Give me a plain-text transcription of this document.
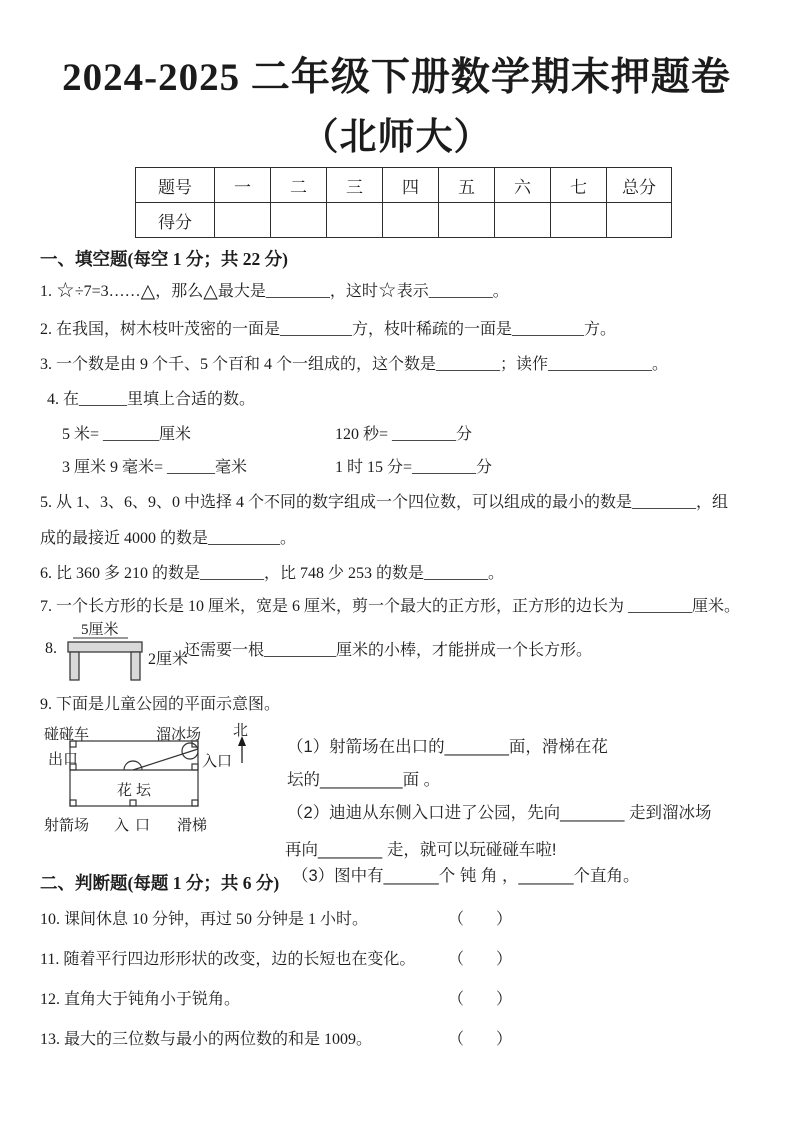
2024-2025 二年级下册数学期末押题卷
（北师大）
题号	一	二	三	四	五	六	七	总分
得分								
一、填空题(每空 1 分；共 22 分)
1. ☆÷7=3……△，那么△最大是________，这时☆表示________。
2. 在我国，树木枝叶茂密的一面是_________方，枝叶稀疏的一面是_________方。
3. 一个数是由 9 个千、5 个百和 4 个一组成的，这个数是________；读作_____________。
4. 在______里填上合适的数。
5 米= _______厘米	120 秒= ________分
3 厘米 9 毫米= ______毫米	1 时 15 分=________分
5. 从 1、3、6、9、0 中选择 4 个不同的数字组成一个四位数，可以组成的最小的数是________，组
成的最接近 4000 的数是_________。
6. 比 360 多 210 的数是________，比 748 少 253 的数是________。
7. 一个长方形的长是 10 厘米，宽是 6 厘米，剪一个最大的正方形，正方形的边长为 ________厘米。
8.
5厘米
2厘米
还需要一根_________厘米的小棒，才能拼成一个长方形。
9. 下面是儿童公园的平面示意图。
碰碰车	溜冰场
出口	入口
花坛
射箭场 入口 滑梯
北
（1）射箭场在出口的_______面，滑梯在花
坛的_________面 。
（2）迪迪从东侧入口进了公园，先向_______ 走到溜冰场
再向_______ 走，就可以玩碰碰车啦!
（3）图中有______个 钝 角 ，______个直角。
二、判断题(每题 1 分；共 6 分)
10. 课间休息 10 分钟，再过 50 分钟是 1 小时。	（　　）
11. 随着平行四边形形状的改变，边的长短也在变化。 （　　）
12. 直角大于钝角小于锐角。	（　　）
13. 最大的三位数与最小的两位数的和是 1009。	（　　）
